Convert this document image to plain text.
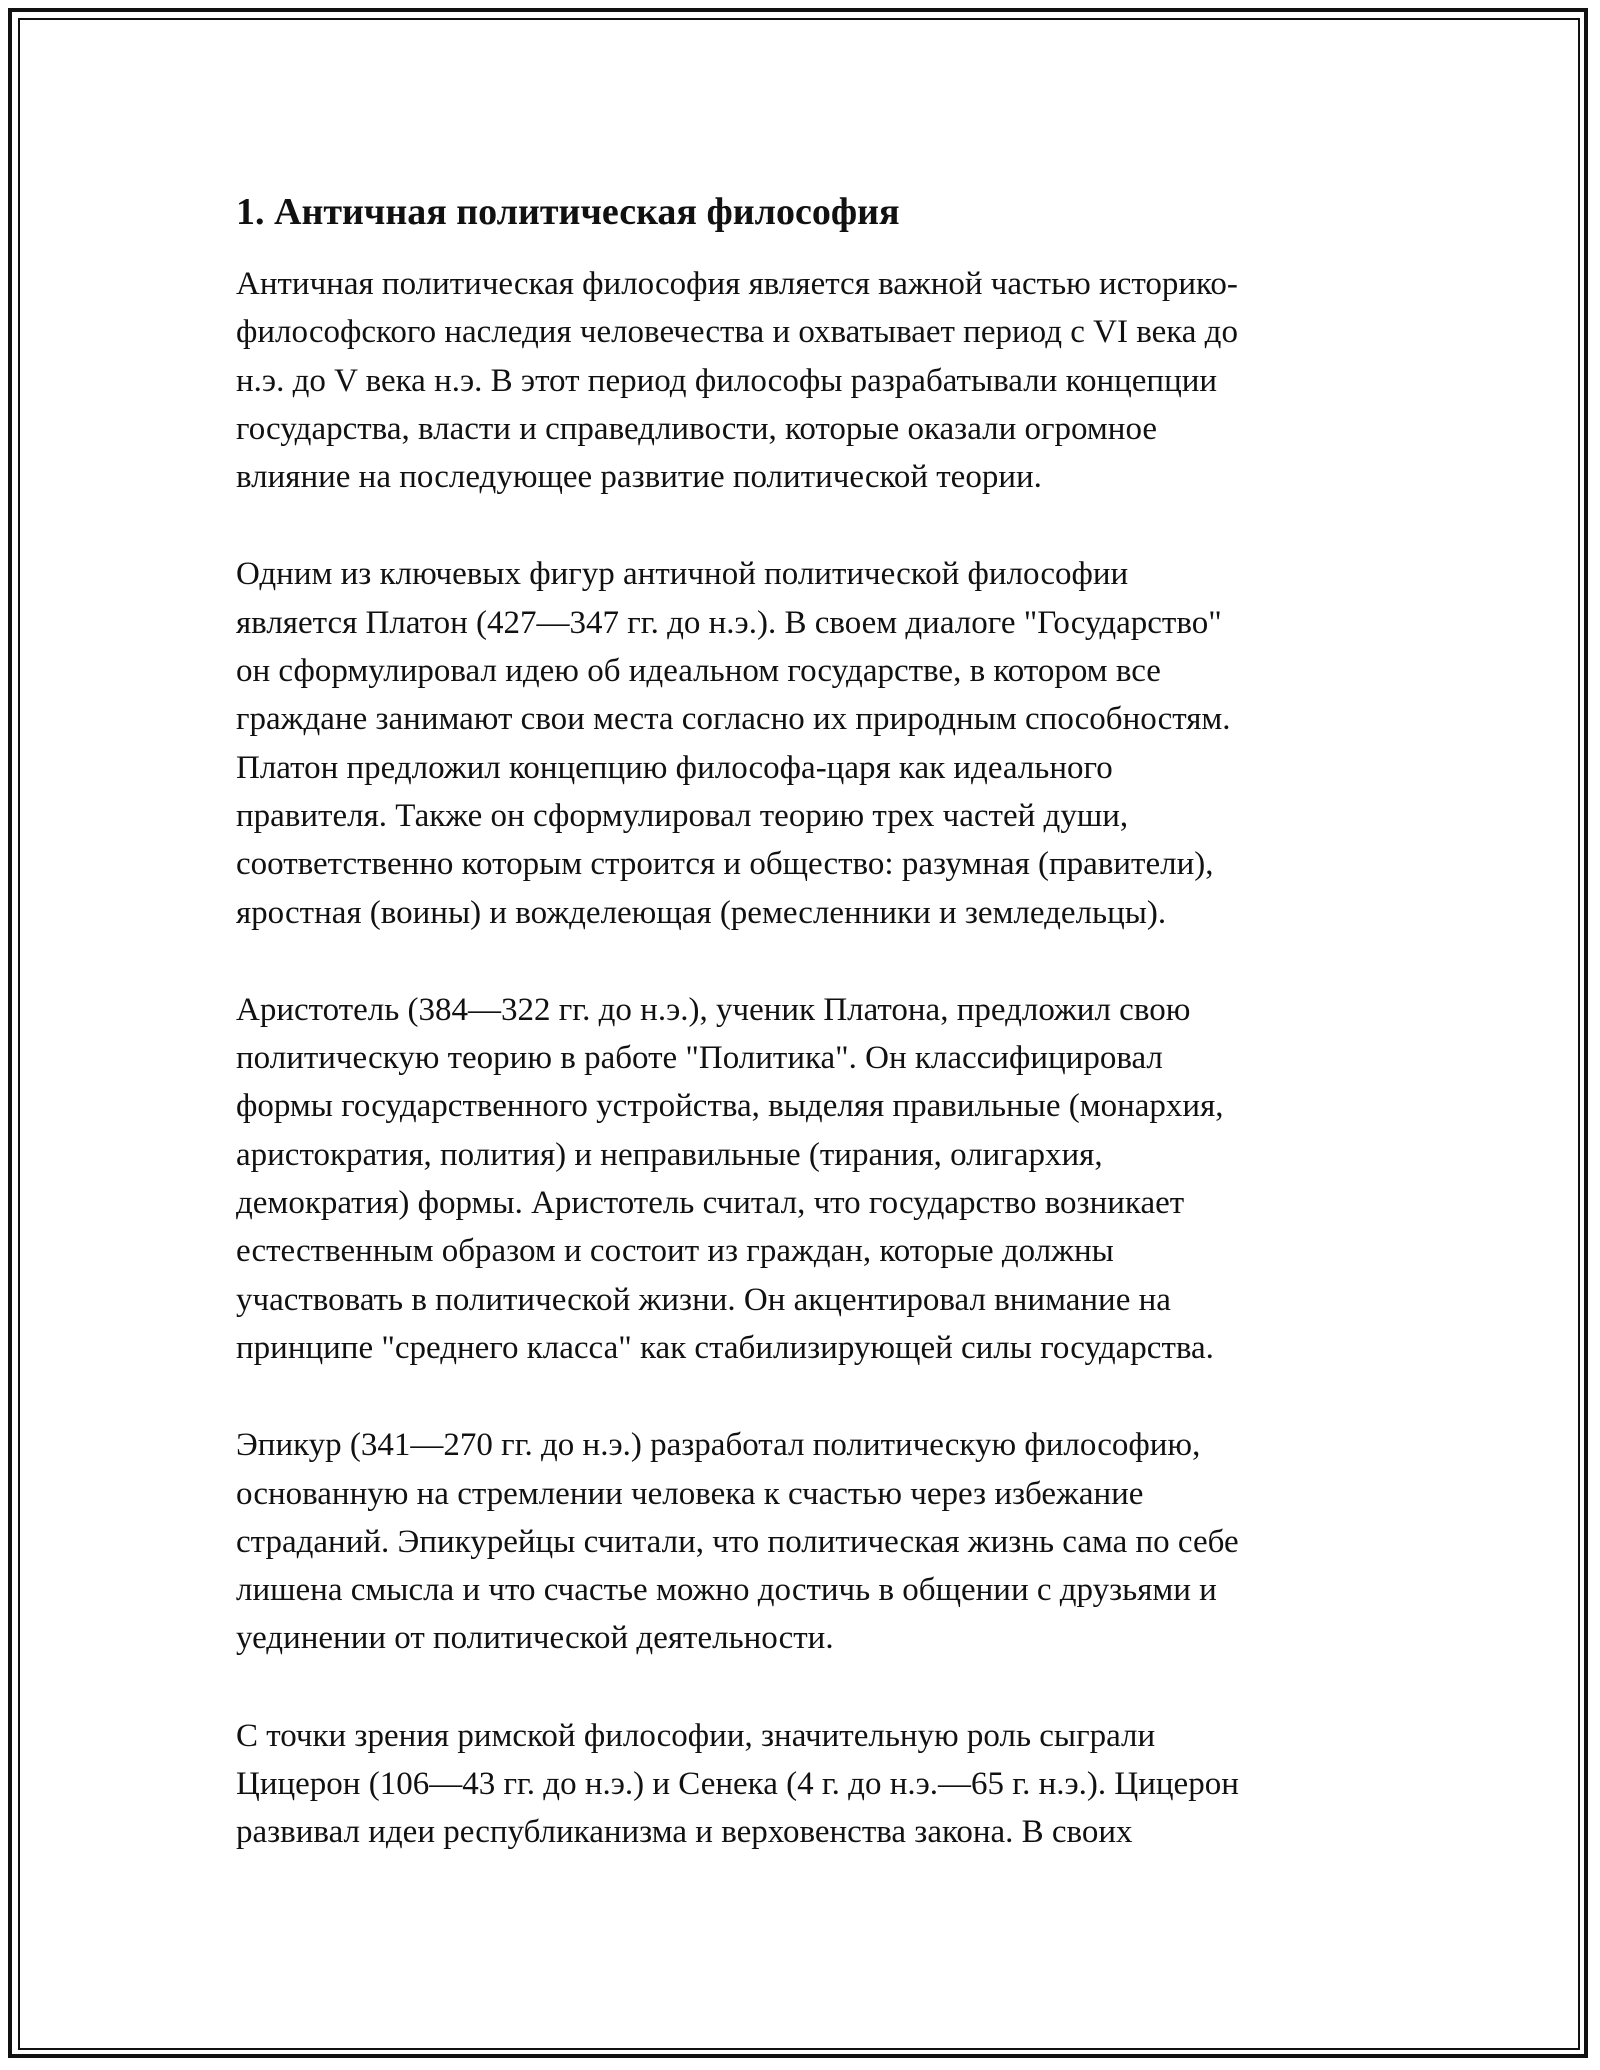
1. Античная политическая философия

Античная политическая философия является важной частью историко-
философского наследия человечества и охватывает период с VI века до
н.э. до V века н.э. В этот период философы разрабатывали концепции
государства, власти и справедливости, которые оказали огромное
влияние на последующее развитие политической теории.

Одним из ключевых фигур античной политической философии
является Платон (427—347 гг. до н.э.). В своем диалоге "Государство"
он сформулировал идею об идеальном государстве, в котором все
граждане занимают свои места согласно их природным способностям.
Платон предложил концепцию философа-царя как идеального
правителя. Также он сформулировал теорию трех частей души,
соответственно которым строится и общество: разумная (правители),
яростная (воины) и вожделеющая (ремесленники и земледельцы).

Аристотель (384—322 гг. до н.э.), ученик Платона, предложил свою
политическую теорию в работе "Политика". Он классифицировал
формы государственного устройства, выделяя правильные (монархия,
аристократия, полития) и неправильные (тирания, олигархия,
демократия) формы. Аристотель считал, что государство возникает
естественным образом и состоит из граждан, которые должны
участвовать в политической жизни. Он акцентировал внимание на
принципе "среднего класса" как стабилизирующей силы государства.

Эпикур (341—270 гг. до н.э.) разработал политическую философию,
основанную на стремлении человека к счастью через избежание
страданий. Эпикурейцы считали, что политическая жизнь сама по себе
лишена смысла и что счастье можно достичь в общении с друзьями и
уединении от политической деятельности.

С точки зрения римской философии, значительную роль сыграли
Цицерон (106—43 гг. до н.э.) и Сенека (4 г. до н.э.—65 г. н.э.). Цицерон
развивал идеи республиканизма и верховенства закона. В своих
